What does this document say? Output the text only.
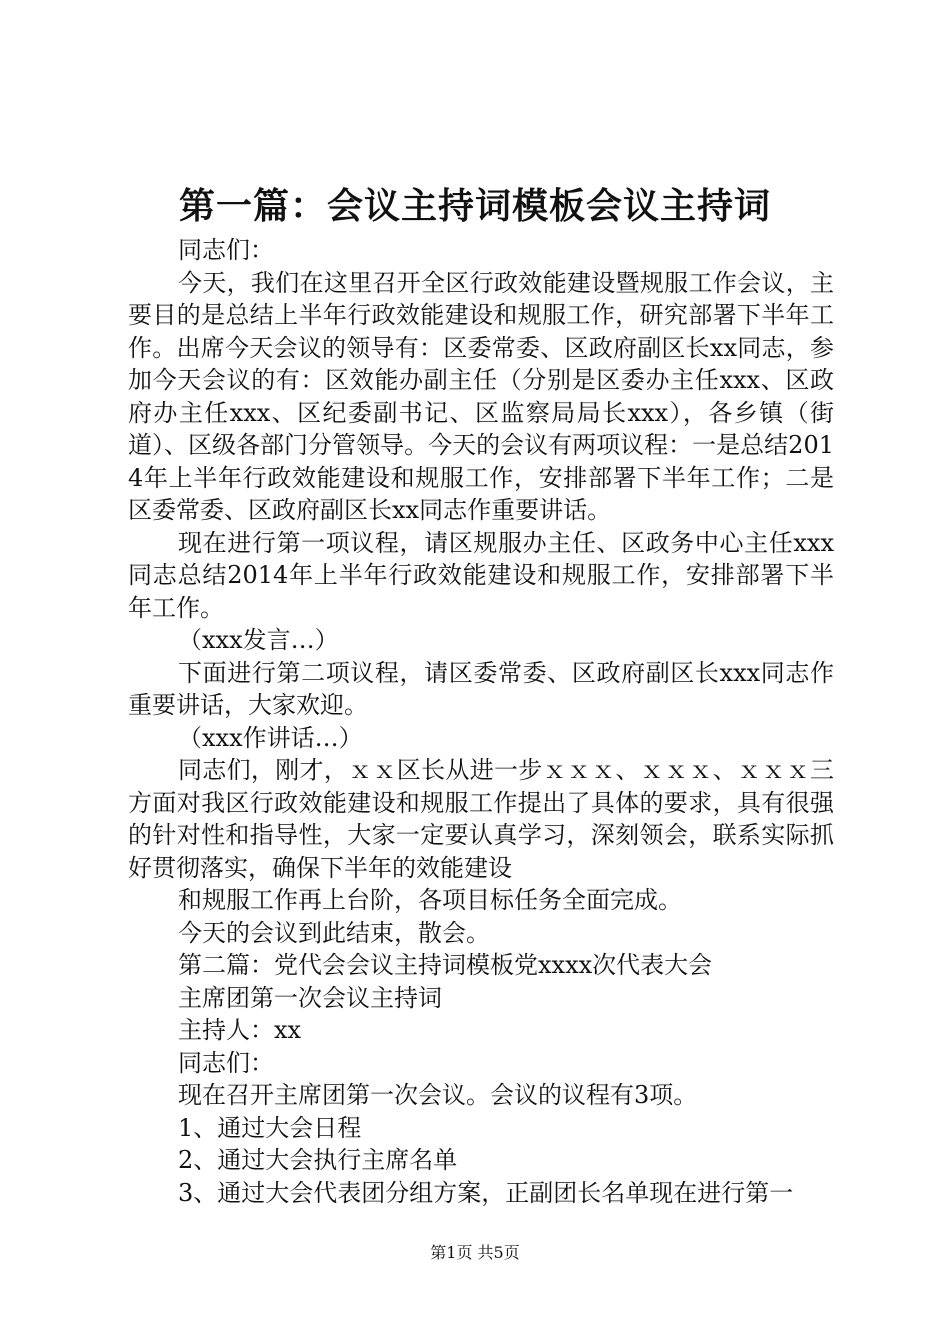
第一篇：会议主持词模板会议主持词

同志们：

今天，我们在这里召开全区行政效能建设暨规服工作会议，主要目的是总结上半年行政效能建设和规服工作，研究部署下半年工作。出席今天会议的领导有：区委常委、区政府副区长xx同志，参加今天会议的有：区效能办副主任（分别是区委办主任xxx、区政府办主任xxx、区纪委副书记、区监察局局长xxx），各乡镇（街道）、区级各部门分管领导。今天的会议有两项议程：一是总结2014年上半年行政效能建设和规服工作，安排部署下半年工作；二是区委常委、区政府副区长xx同志作重要讲话。

现在进行第一项议程，请区规服办主任、区政务中心主任xxx同志总结2014年上半年行政效能建设和规服工作，安排部署下半年工作。

（xxx发言…）

下面进行第二项议程，请区委常委、区政府副区长xxx同志作重要讲话，大家欢迎。

（xxx作讲话…）

同志们，刚才，ｘｘ区长从进一步ｘｘｘ、ｘｘｘ、ｘｘｘ三方面对我区行政效能建设和规服工作提出了具体的要求，具有很强的针对性和指导性，大家一定要认真学习，深刻领会，联系实际抓好贯彻落实，确保下半年的效能建设

和规服工作再上台阶，各项目标任务全面完成。

今天的会议到此结束，散会。

第二篇：党代会会议主持词模板党xxxx次代表大会

主席团第一次会议主持词

主持人：xx

同志们：

现在召开主席团第一次会议。会议的议程有3项。

1、通过大会日程

2、通过大会执行主席名单

3、通过大会代表团分组方案，正副团长名单现在进行第一

第1页 共5页
